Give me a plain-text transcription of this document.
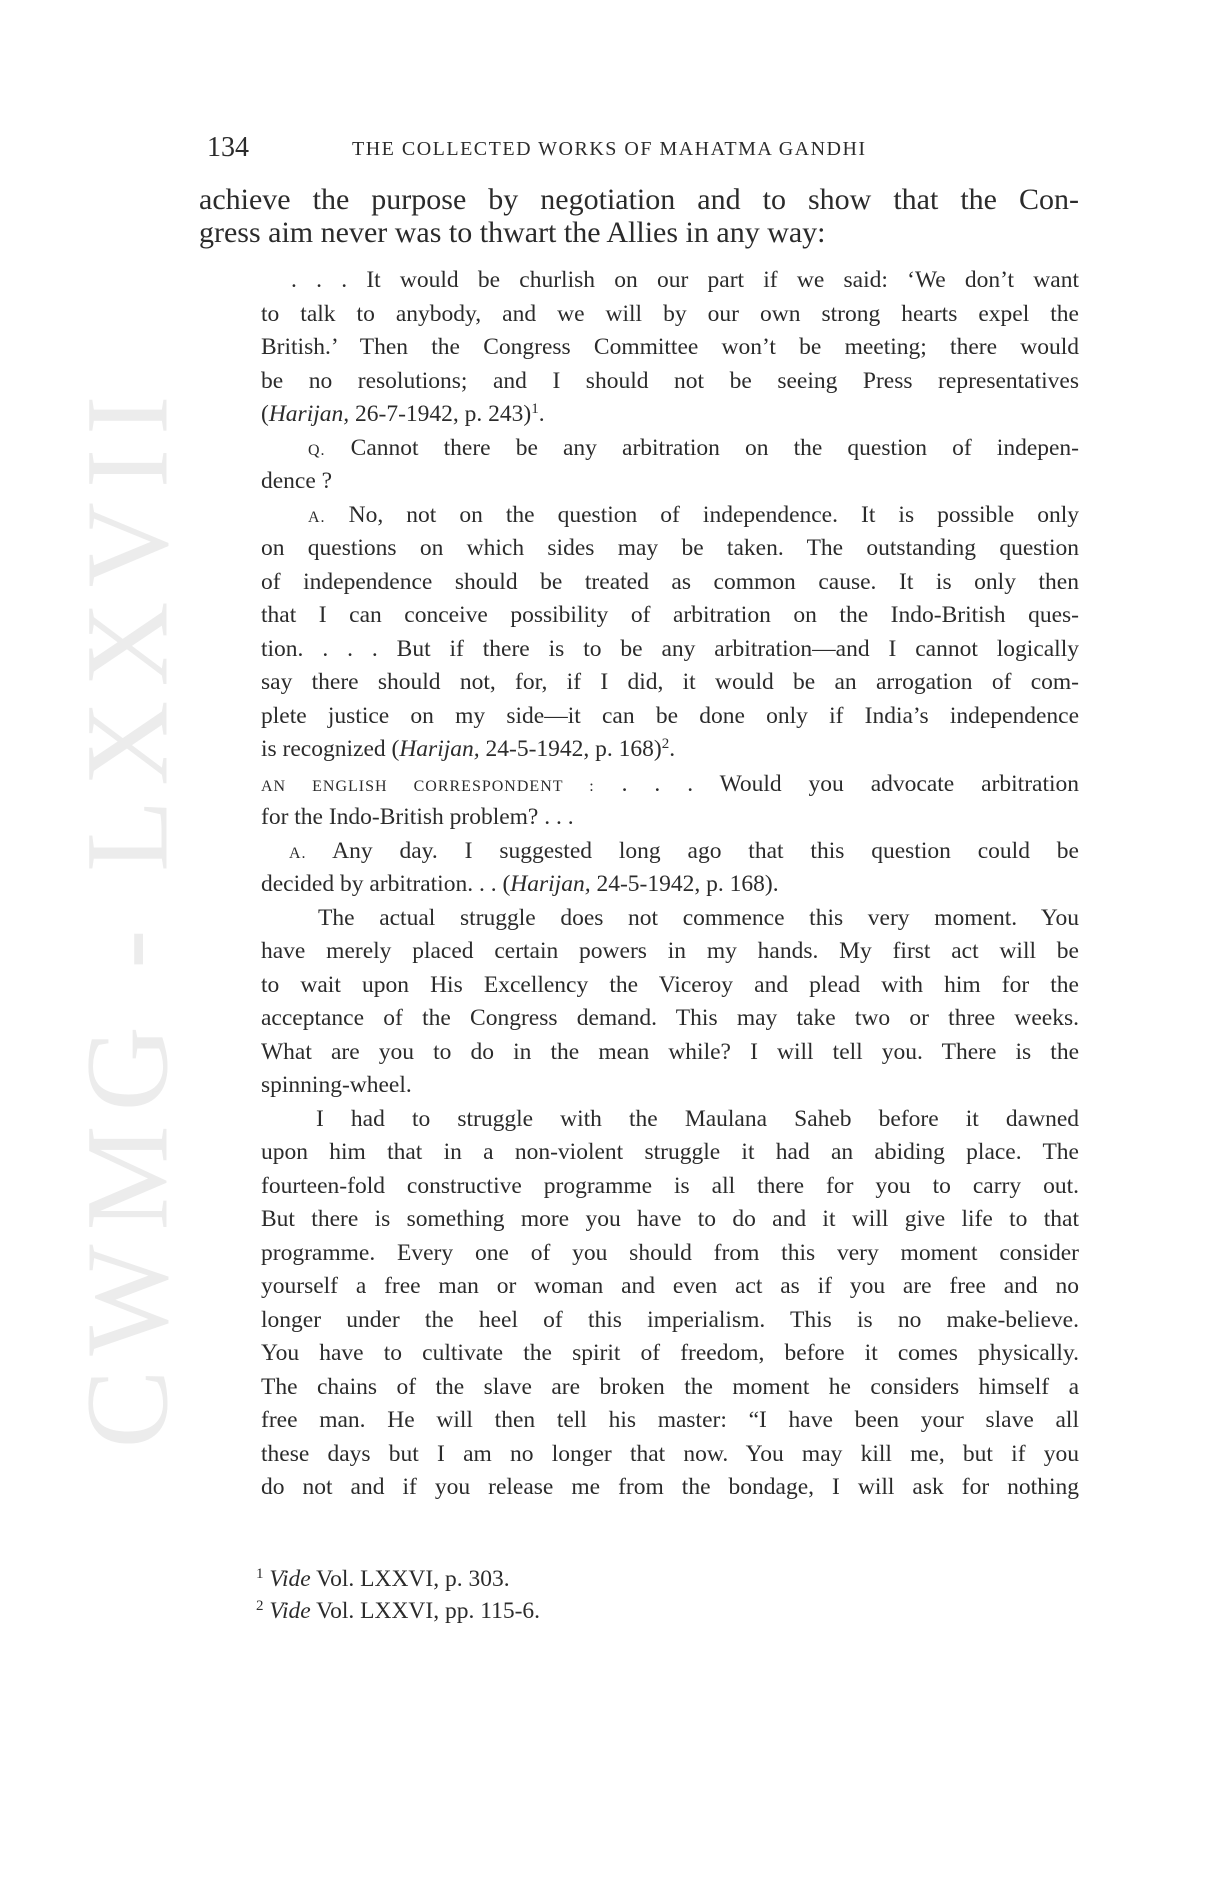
CWMG - LXXVII
134	THE COLLECTED WORKS OF MAHATMA GANDHI
achieve the purpose by negotiation and to show that the Con-
gress aim never was to thwart the Allies in any way:
. . . It would be churlish on our part if we said: ‘We don’t want
to talk to anybody, and we will by our own strong hearts expel the
British.’ Then the Congress Committee won’t be meeting; there would
be no resolutions; and I should not be seeing Press representatives
(Harijan, 26-7-1942, p. 243)$^1$.
Q. Cannot there be any arbitration on the question of indepen-
dence ?
A. No, not on the question of independence. It is possible only
on questions on which sides may be taken. The outstanding question
of independence should be treated as common cause. It is only then
that I can conceive possibility of arbitration on the Indo-British ques-
tion. . . . But if there is to be any arbitration—and I cannot logically
say there should not, for, if I did, it would be an arrogation of com-
plete justice on my side—it can be done only if India’s independence
is recognized (Harijan, 24-5-1942, p. 168)$^2$.
AN ENGLISH CORRESPONDENT : . . . Would you advocate arbitration
for the Indo-British problem? . . .
A. Any day. I suggested long ago that this question could be
decided by arbitration. . . (Harijan, 24-5-1942, p. 168).
The actual struggle does not commence this very moment. You
have merely placed certain powers in my hands. My first act will be
to wait upon His Excellency the Viceroy and plead with him for the
acceptance of the Congress demand. This may take two or three weeks.
What are you to do in the mean while? I will tell you. There is the
spinning-wheel.
I had to struggle with the Maulana Saheb before it dawned
upon him that in a non-violent struggle it had an abiding place. The
fourteen-fold constructive programme is all there for you to carry out.
But there is something more you have to do and it will give life to that
programme. Every one of you should from this very moment consider
yourself a free man or woman and even act as if you are free and no
longer under the heel of this imperialism. This is no make-believe.
You have to cultivate the spirit of freedom, before it comes physically.
The chains of the slave are broken the moment he considers himself a
free man. He will then tell his master: “I have been your slave all
these days but I am no longer that now. You may kill me, but if you
do not and if you release me from the bondage, I will ask for nothing
$^1$ Vide Vol. LXXVI, p. 303.
$^2$ Vide Vol. LXXVI, pp. 115-6.
